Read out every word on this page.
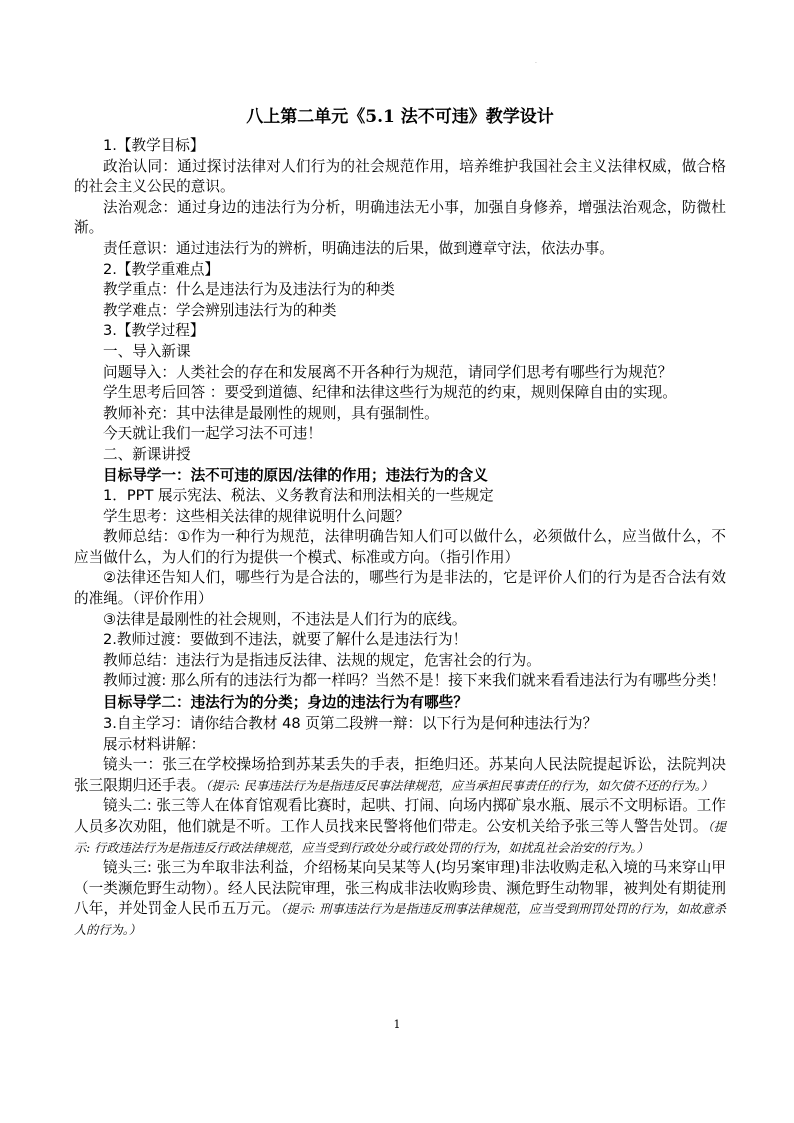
·
八上第二单元《5.1 法不可违》教学设计

1.【教学目标】

政治认同：通过探讨法律对人们行为的社会规范作用，培养维护我国社会主义法律权威，做合格的社会主义公民的意识。

法治观念：通过身边的违法行为分析，明确违法无小事，加强自身修养，增强法治观念，防微杜渐。

责任意识：通过违法行为的辨析，明确违法的后果，做到遵章守法，依法办事。

2.【教学重难点】

教学重点：什么是违法行为及违法行为的种类

教学难点：学会辨别违法行为的种类

3.【教学过程】

一、导入新课

问题导入：人类社会的存在和发展离不开各种行为规范，请同学们思考有哪些行为规范？

学生思考后回答 ：要受到道德、纪律和法律这些行为规范的约束，规则保障自由的实现。

教师补充：其中法律是最刚性的规则，具有强制性。

今天就让我们一起学习法不可违！

二、新课讲授

目标导学一：法不可违的原因/法律的作用；违法行为的含义

1．PPT 展示宪法、税法、义务教育法和刑法相关的一些规定

学生思考：这些相关法律的规律说明什么问题？

教师总结：①作为一种行为规范，法律明确告知人们可以做什么，必须做什么，应当做什么，不应当做什么，为人们的行为提供一个模式、标准或方向。（指引作用）

②法律还告知人们，哪些行为是合法的，哪些行为是非法的，它是评价人们的行为是否合法有效的准绳。（评价作用）

③法律是最刚性的社会规则，不违法是人们行为的底线。

2.教师过渡：要做到不违法，就要了解什么是违法行为！

教师总结：违法行为是指违反法律、法规的规定，危害社会的行为。

教师过渡: 那么所有的违法行为都一样吗？当然不是！接下来我们就来看看违法行为有哪些分类！

目标导学二：违法行为的分类；身边的违法行为有哪些？

3.自主学习：请你结合教材 48 页第二段辨一辩：以下行为是何种违法行为？

展示材料讲解：

镜头一：张三在学校操场拾到苏某丢失的手表，拒绝归还。苏某向人民法院提起诉讼，法院判决张三限期归还手表。（提示: 民事违法行为是指违反民事法律规范，应当承担民事责任的行为，如欠债不还的行为。）

镜头二: 张三等人在体育馆观看比赛时，起哄、打闹、向场内掷矿泉水瓶、展示不文明标语。工作人员多次劝阻，他们就是不听。工作人员找来民警将他们带走。公安机关给予张三等人警告处罚。（提示: 行政违法行为是指违反行政法律规范，应当受到行政处分或行政处罚的行为，如扰乱社会治安的行为。）

镜头三: 张三为牟取非法利益，介绍杨某向吴某等人(均另案审理)非法收购走私入境的马来穿山甲（一类濒危野生动物）。经人民法院审理，张三构成非法收购珍贵、濒危野生动物罪，被判处有期徒刑八年，并处罚金人民币五万元。（提示: 刑事违法行为是指违反刑事法律规范，应当受到刑罚处罚的行为，如故意杀人的行为。）

1
